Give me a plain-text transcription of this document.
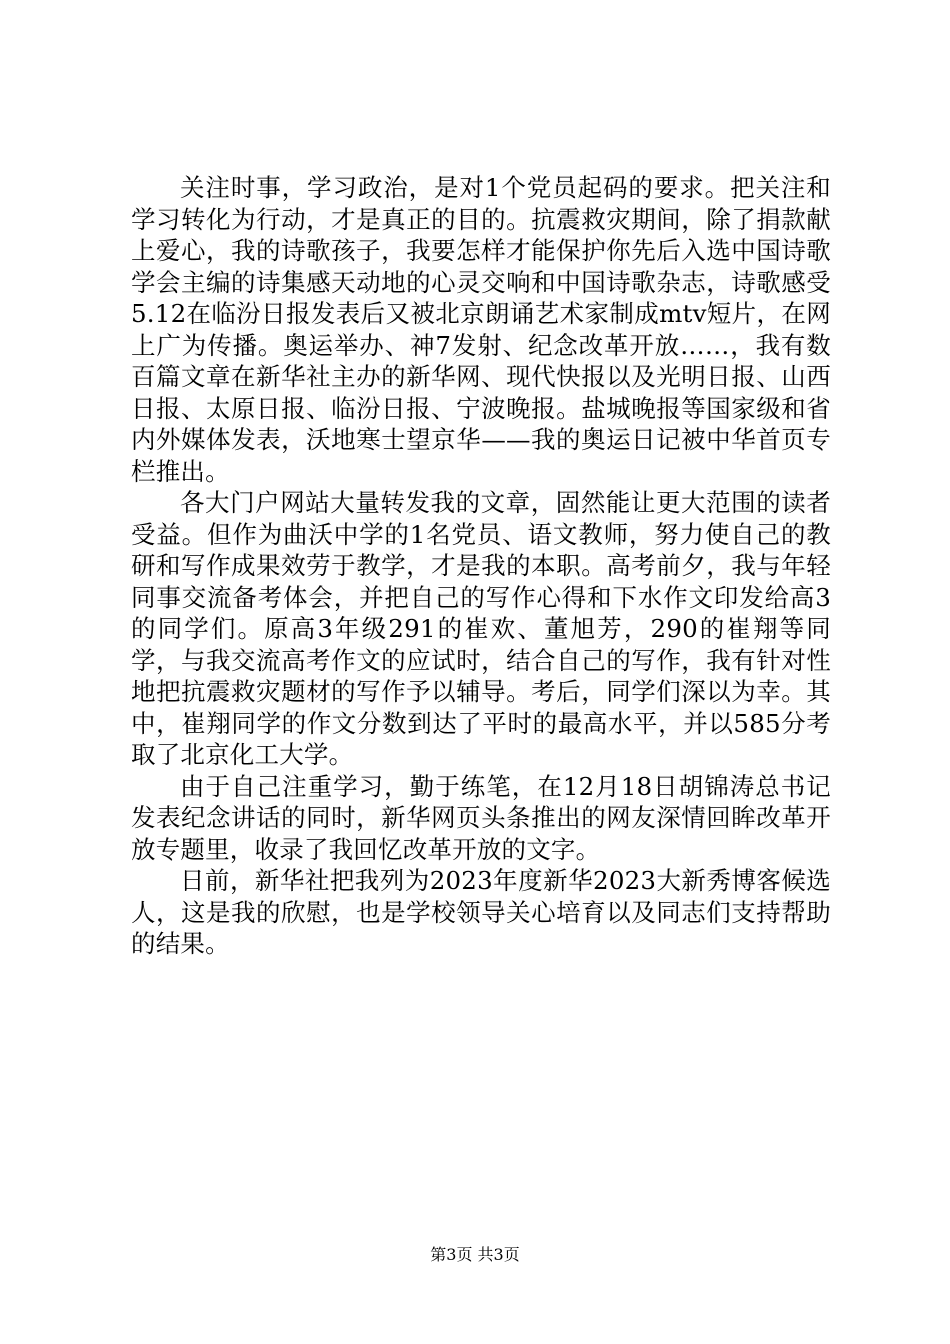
关注时事，学习政治，是对1个党员起码的要求。把关注和学习转化为行动，才是真正的目的。抗震救灾期间，除了捐款献上爱心，我的诗歌孩子，我要怎样才能保护你先后入选中国诗歌学会主编的诗集感天动地的心灵交响和中国诗歌杂志，诗歌感受5.12在临汾日报发表后又被北京朗诵艺术家制成mtv短片，在网上广为传播。奥运举办、神7发射、纪念改革开放……，我有数百篇文章在新华社主办的新华网、现代快报以及光明日报、山西日报、太原日报、临汾日报、宁波晚报。盐城晚报等国家级和省内外媒体发表，沃地寒士望京华——我的奥运日记被中华首页专栏推出。

各大门户网站大量转发我的文章，固然能让更大范围的读者受益。但作为曲沃中学的1名党员、语文教师，努力使自己的教研和写作成果效劳于教学，才是我的本职。高考前夕，我与年轻同事交流备考体会，并把自己的写作心得和下水作文印发给高3的同学们。原高3年级291的崔欢、董旭芳，290的崔翔等同学，与我交流高考作文的应试时，结合自己的写作，我有针对性地把抗震救灾题材的写作予以辅导。考后，同学们深以为幸。其中，崔翔同学的作文分数到达了平时的最高水平，并以585分考取了北京化工大学。

由于自己注重学习，勤于练笔，在12月18日胡锦涛总书记发表纪念讲话的同时，新华网页头条推出的网友深情回眸改革开放专题里，收录了我回忆改革开放的文字。

日前，新华社把我列为2023年度新华2023大新秀博客候选人，这是我的欣慰，也是学校领导关心培育以及同志们支持帮助的结果。

第3页 共3页
